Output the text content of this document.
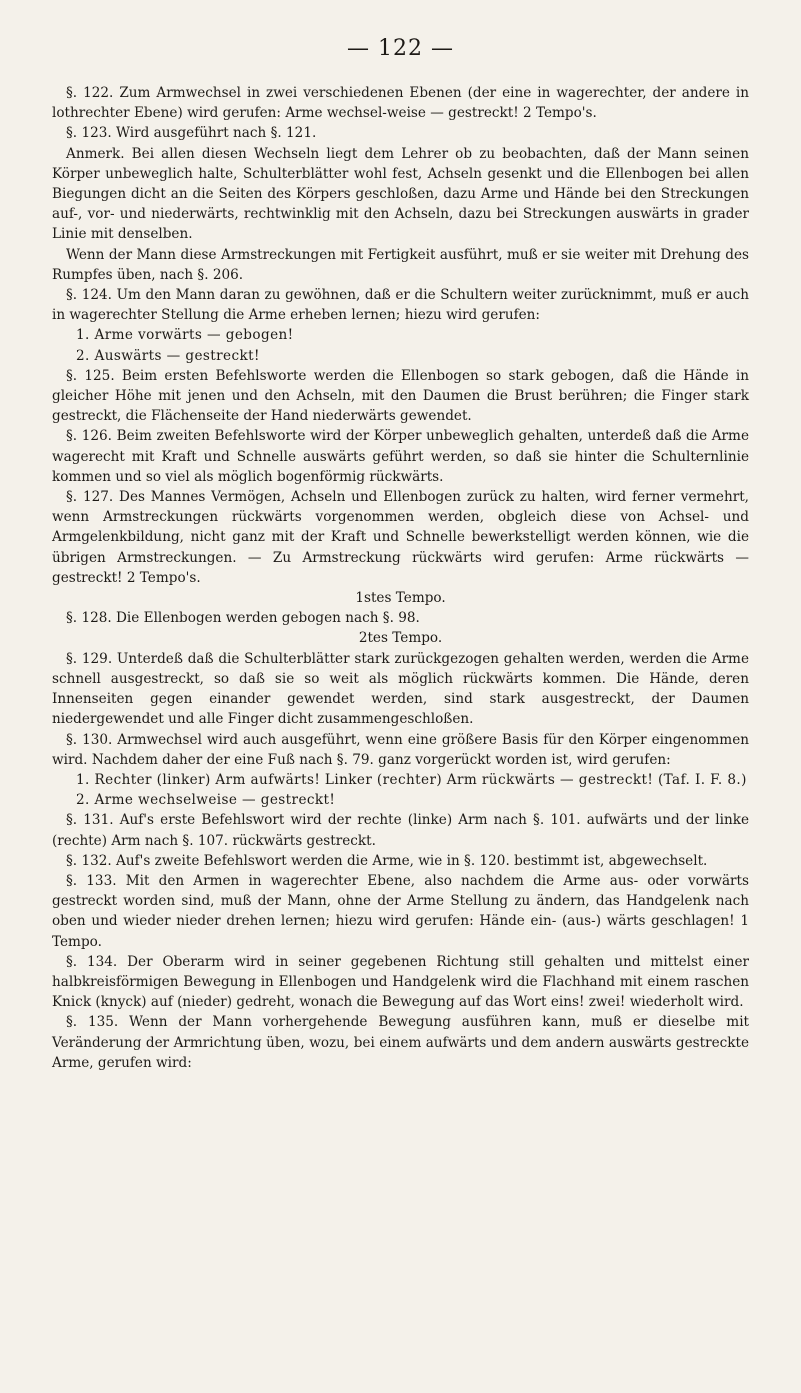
— 122 —

§. 122. Zum Armwechsel in zwei verschiedenen Ebenen (der eine in wagerechter, der andere in lothrechter Ebene) wird gerufen: Arme wechsel-weise — gestreckt! 2 Tempo's.

§. 123. Wird ausgeführt nach §. 121.

Anmerk. Bei allen diesen Wechseln liegt dem Lehrer ob zu beobachten, daß der Mann seinen Körper unbeweglich halte, Schulterblätter wohl fest, Achseln gesenkt und die Ellenbogen bei allen Biegungen dicht an die Seiten des Körpers geschloßen, dazu Arme und Hände bei den Streckungen auf-, vor- und niederwärts, rechtwinklig mit den Achseln, dazu bei Streckungen auswärts in grader Linie mit denselben.

Wenn der Mann diese Armstreckungen mit Fertigkeit ausführt, muß er sie weiter mit Drehung des Rumpfes üben, nach §. 206.

§. 124. Um den Mann daran zu gewöhnen, daß er die Schultern weiter zurücknimmt, muß er auch in wagerechter Stellung die Arme erheben lernen; hiezu wird gerufen:

1. Arme vorwärts — gebogen!

2. Auswärts — gestreckt!

§. 125. Beim ersten Befehlsworte werden die Ellenbogen so stark gebogen, daß die Hände in gleicher Höhe mit jenen und den Achseln, mit den Daumen die Brust berühren; die Finger stark gestreckt, die Flächenseite der Hand niederwärts gewendet.

§. 126. Beim zweiten Befehlsworte wird der Körper unbeweglich gehalten, unterdeß daß die Arme wagerecht mit Kraft und Schnelle auswärts geführt werden, so daß sie hinter die Schulternlinie kommen und so viel als möglich bogenförmig rückwärts.

§. 127. Des Mannes Vermögen, Achseln und Ellenbogen zurück zu halten, wird ferner vermehrt, wenn Armstreckungen rückwärts vorgenommen werden, obgleich diese von Achsel- und Armgelenkbildung, nicht ganz mit der Kraft und Schnelle bewerkstelligt werden können, wie die übrigen Armstreckungen. — Zu Armstreckung rückwärts wird gerufen: Arme rückwärts — gestreckt! 2 Tempo's.

1stes Tempo.

§. 128. Die Ellenbogen werden gebogen nach §. 98.

2tes Tempo.

§. 129. Unterdeß daß die Schulterblätter stark zurückgezogen gehalten werden, werden die Arme schnell ausgestreckt, so daß sie so weit als möglich rückwärts kommen. Die Hände, deren Innenseiten gegen einander gewendet werden, sind stark ausgestreckt, der Daumen niedergewendet und alle Finger dicht zusammengeschloßen.

§. 130. Armwechsel wird auch ausgeführt, wenn eine größere Basis für den Körper eingenommen wird. Nachdem daher der eine Fuß nach §. 79. ganz vorgerückt worden ist, wird gerufen:

1. Rechter (linker) Arm aufwärts! Linker (rechter) Arm rückwärts — gestreckt! (Taf. I. F. 8.)

2. Arme wechselweise — gestreckt!

§. 131. Auf's erste Befehlswort wird der rechte (linke) Arm nach §. 101. aufwärts und der linke (rechte) Arm nach §. 107. rückwärts gestreckt.

§. 132. Auf's zweite Befehlswort werden die Arme, wie in §. 120. bestimmt ist, abgewechselt.

§. 133. Mit den Armen in wagerechter Ebene, also nachdem die Arme aus- oder vorwärts gestreckt worden sind, muß der Mann, ohne der Arme Stellung zu ändern, das Handgelenk nach oben und wieder nieder drehen lernen; hiezu wird gerufen: Hände ein- (aus-) wärts geschlagen! 1 Tempo.

§. 134. Der Oberarm wird in seiner gegebenen Richtung still gehalten und mittelst einer halbkreisförmigen Bewegung in Ellenbogen und Handgelenk wird die Flachhand mit einem raschen Knick (knyck) auf (nieder) gedreht, wonach die Bewegung auf das Wort eins! zwei! wiederholt wird.

§. 135. Wenn der Mann vorhergehende Bewegung ausführen kann, muß er dieselbe mit Veränderung der Armrichtung üben, wozu, bei einem aufwärts und dem andern auswärts gestreckte Arme, gerufen wird:
